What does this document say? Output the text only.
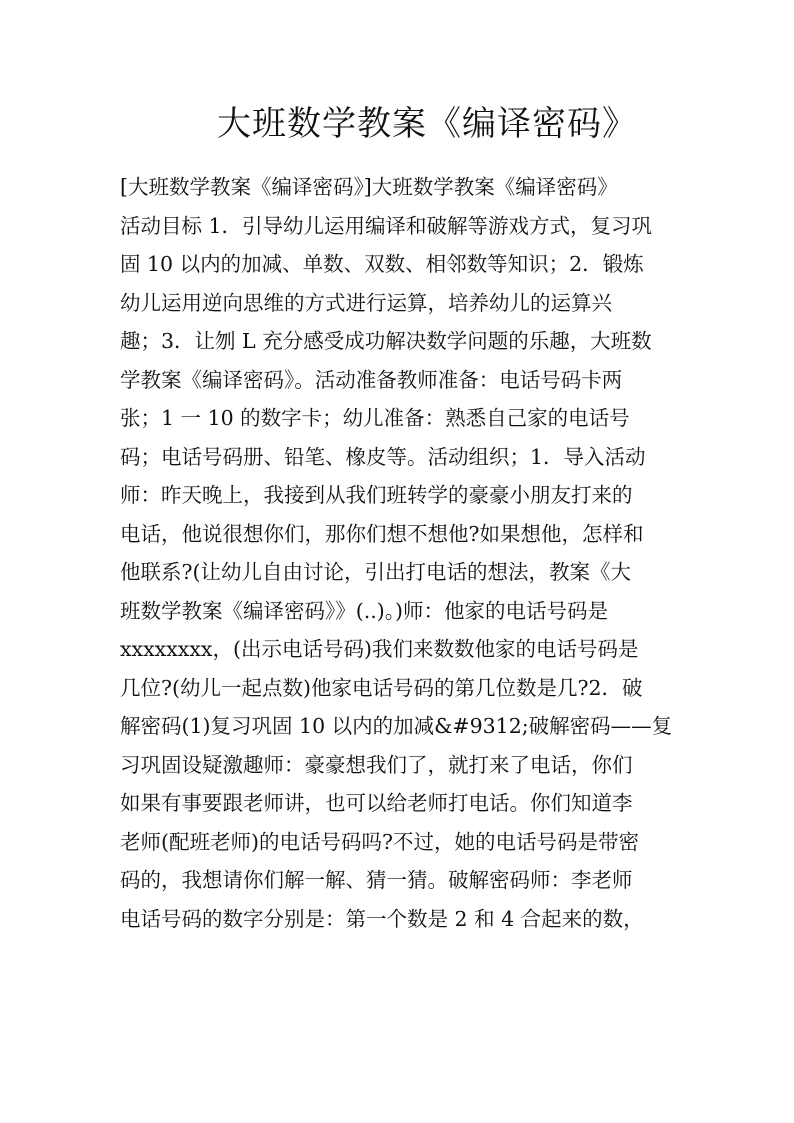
大班数学教案《编译密码》
[大班数学教案《编译密码》]大班数学教案《编译密码》
活动目标 1．引导幼儿运用编译和破解等游戏方式，复习巩
固 10 以内的加减、单数、双数、相邻数等知识；2．锻炼
幼儿运用逆向思维的方式进行运算，培养幼儿的运算兴
趣；3．让刎 L 充分感受成功解决数学问题的乐趣，大班数
学教案《编译密码》。活动准备教师准备：电话号码卡两
张；1 一 10 的数字卡；幼儿准备：熟悉自己家的电话号
码；电话号码册、铅笔、橡皮等。活动组织；1．导入活动
师：昨天晚上，我接到从我们班转学的豪豪小朋友打来的
电话，他说很想你们，那你们想不想他?如果想他，怎样和
他联系?(让幼儿自由讨论，引出打电话的想法，教案《大
班数学教案《编译密码》》(..)。)师：他家的电话号码是
xxxxxxxx，(出示电话号码)我们来数数他家的电话号码是
几位?(幼儿一起点数)他家电话号码的第几位数是几?2．破
解密码(1)复习巩固 10 以内的加减&#9312;破解密码——复
习巩固设疑激趣师：豪豪想我们了，就打来了电话，你们
如果有事要跟老师讲，也可以给老师打电话。你们知道李
老师(配班老师)的电话号码吗?不过，她的电话号码是带密
码的，我想请你们解一解、猜一猜。破解密码师：李老师
电话号码的数字分别是：第一个数是 2 和 4 合起来的数，
